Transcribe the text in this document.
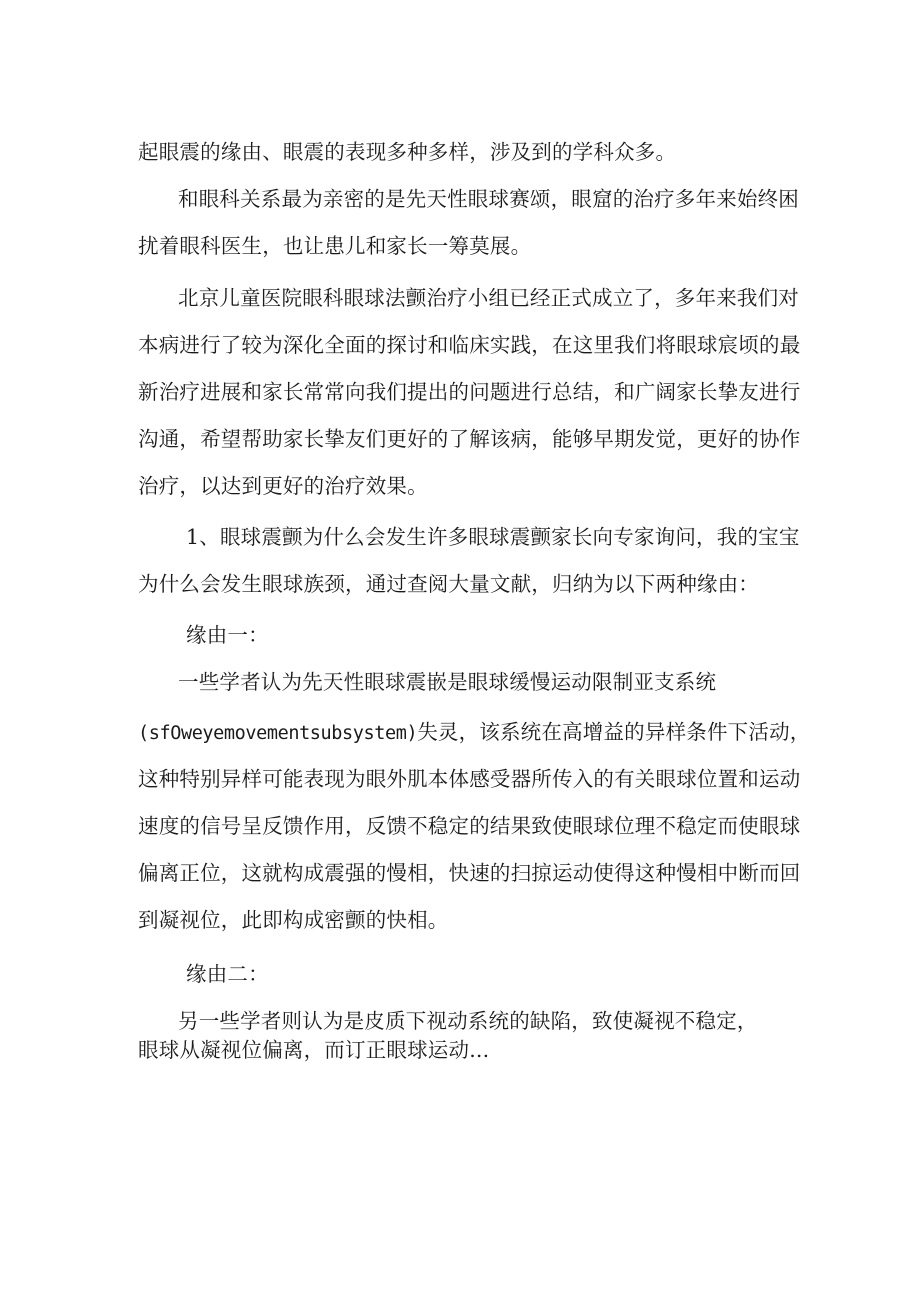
起眼震的缘由、眼震的表现多种多样，涉及到的学科众多。
和眼科关系最为亲密的是先天性眼球赛颂，眼窟的治疗多年来始终困
扰着眼科医生，也让患儿和家长一筹莫展。
北京儿童医院眼科眼球法颤治疗小组已经正式成立了，多年来我们对
本病进行了较为深化全面的探讨和临床实践，在这里我们将眼球宸顷的最
新治疗进展和家长常常向我们提出的问题进行总结，和广阔家长挚友进行
沟通，希望帮助家长挚友们更好的了解该病，能够早期发觉，更好的协作
治疗，以达到更好的治疗效果。
1、眼球震颤为什么会发生许多眼球震颤家长向专家询问，我的宝宝
为什么会发生眼球族颈，通过查阅大量文献，归纳为以下两种缘由：
缘由一：
一些学者认为先天性眼球震嵌是眼球缓慢运动限制亚支系统
(sfOweyemovementsubsystem)失灵，该系统在高增益的异样条件下活动，
这种特别异样可能表现为眼外肌本体感受器所传入的有关眼球位置和运动
速度的信号呈反馈作用，反馈不稳定的结果致使眼球位理不稳定而使眼球
偏离正位，这就构成震强的慢相，快速的扫掠运动使得这种慢相中断而回
到凝视位，此即构成密颤的快相。
缘由二：
另一些学者则认为是皮质下视动系统的缺陷，致使凝视不稳定，
眼球从凝视位偏离，而订正眼球运动...
